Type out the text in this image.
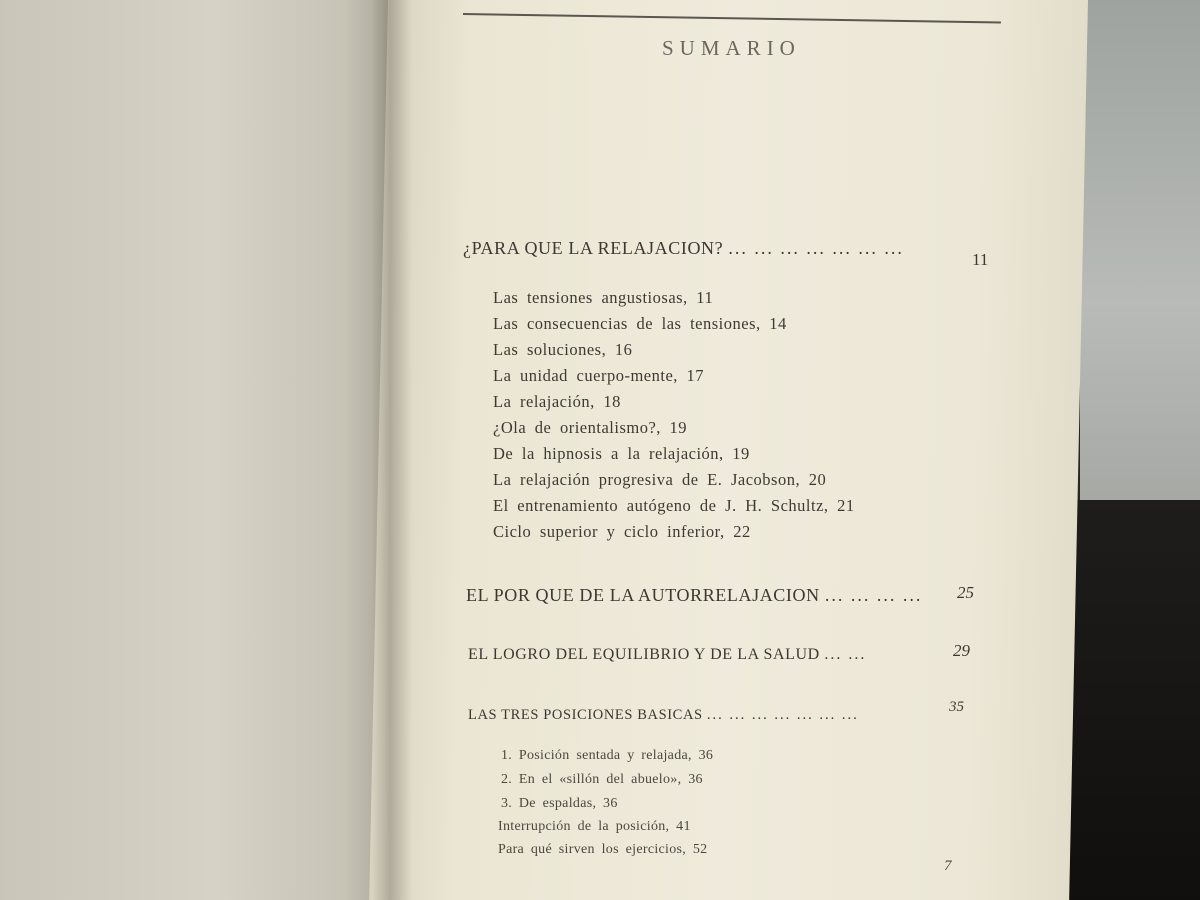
SUMARIO
¿PARA QUE LA RELAJACION? ... ... ... ... ... ... ...
11
Las tensiones angustiosas, 11
Las consecuencias de las tensiones, 14
Las soluciones, 16
La unidad cuerpo-mente, 17
La relajación, 18
¿Ola de orientalismo?, 19
De la hipnosis a la relajación, 19
La relajación progresiva de E. Jacobson, 20
El entrenamiento autógeno de J. H. Schultz, 21
Ciclo superior y ciclo inferior, 22
EL POR QUE DE LA AUTORRELAJACION ... ... ... ... 25
EL LOGRO DEL EQUILIBRIO Y DE LA SALUD ... ...	29
LAS TRES POSICIONES BASICAS ... ... ... ... ... ... ...	35
1. Posición sentada y relajada, 36
2. En el «sillón del abuelo», 36
3. De espaldas, 36
Interrupción de la posición, 41
Para qué sirven los ejercicios, 52
7
